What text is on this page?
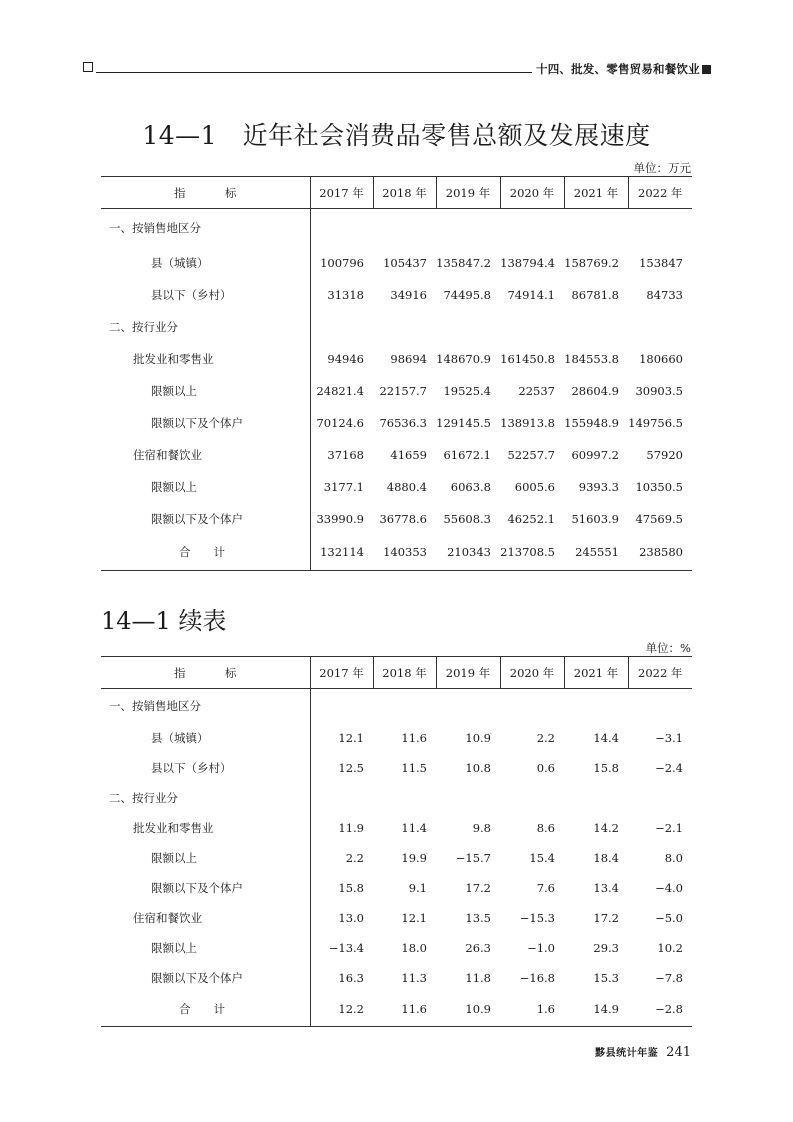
十四、批发、零售贸易和餐饮业
14—1　近年社会消费品零售总额及发展速度
单位：万元
指　标	2017 年	2018 年	2019 年	2020 年	2021 年	2022 年
一、按销售地区分						
县（城镇）	100796	105437	135847.2	138794.4	158769.2	153847
县以下（乡村）	31318	34916	74495.8	74914.1	86781.8	84733
二、按行业分						
批发业和零售业	94946	98694	148670.9	161450.8	184553.8	180660
限额以上	24821.4	22157.7	19525.4	22537	28604.9	30903.5
限额以下及个体户	70124.6	76536.3	129145.5	138913.8	155948.9	149756.5
住宿和餐饮业	37168	41659	61672.1	52257.7	60997.2	57920
限额以上	3177.1	4880.4	6063.8	6005.6	9393.3	10350.5
限额以下及个体户	33990.9	36778.6	55608.3	46252.1	51603.9	47569.5
合　　计	132114	140353	210343	213708.5	245551	238580
14—1 续表
单位：%
指　标	2017 年	2018 年	2019 年	2020 年	2021 年	2022 年
一、按销售地区分						
县（城镇）	12.1	11.6	10.9	2.2	14.4	−3.1
县以下（乡村）	12.5	11.5	10.8	0.6	15.8	−2.4
二、按行业分						
批发业和零售业	11.9	11.4	9.8	8.6	14.2	−2.1
限额以上	2.2	19.9	−15.7	15.4	18.4	8.0
限额以下及个体户	15.8	9.1	17.2	7.6	13.4	−4.0
住宿和餐饮业	13.0	12.1	13.5	−15.3	17.2	−5.0
限额以上	−13.4	18.0	26.3	−1.0	29.3	10.2
限额以下及个体户	16.3	11.3	11.8	−16.8	15.3	−7.8
合　　计	12.2	11.6	10.9	1.6	14.9	−2.8
黟县统计年鉴 241
